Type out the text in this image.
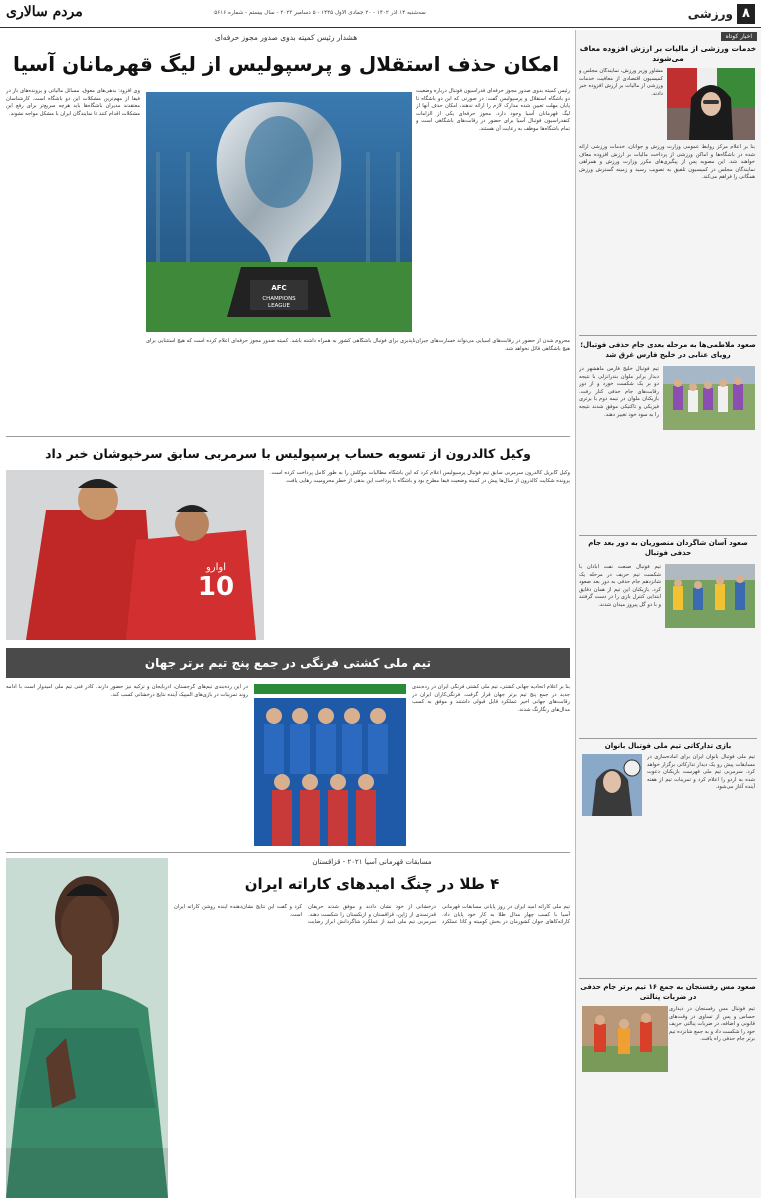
۸
ورزشی
سه‌شنبه ۱۴ آذر ۱۴۰۲ - ۲۰ جمادی الاول ۱۴۴۵ - ۵ دسامبر ۲۰۲۳ - سال بیستم - شماره ۵۶۱۶
مردم سالاری
اخبار کوتاه
خدمات ورزشی از مالیات بر ارزش افزوده معاف می‌شوند
مشاور وزیر ورزش، نمایندگان مجلس و کمیسیون اقتصادی از معافیت خدمات ورزشی از مالیات بر ارزش افزوده خبر دادند.
بنا بر اعلام مرکز روابط عمومی وزارت ورزش و جوانان، خدمات ورزشی ارائه شده در باشگاه‌ها و اماکن ورزشی از پرداخت مالیات بر ارزش افزوده معاف خواهند شد. این مصوبه پس از پیگیری‌های مکرر وزارت ورزش و همراهی نمایندگان مجلس در کمیسیون تلفیق به تصویب رسید و زمینه گسترش ورزش همگانی را فراهم می‌کند.
صعود ملاطمی‌ها به مرحله بعدی جام حذفی فوتبال؛ رویای عنابی در خلیج فارس غرق شد
تیم فوتبال خلیج فارس ماهشهر در دیدار برابر ملوان بندرانزلی با نتیجه دو بر یک شکست خورد و از دور رقابت‌های جام حذفی کنار رفت. بازیکنان ملوان در نیمه دوم با برتری فیزیکی و تاکتیکی موفق شدند نتیجه را به سود خود تغییر دهند.
صعود آسان شاگردان منصوریان به دور بعد جام حذفی فوتبال
تیم فوتبال صنعت نفت آبادان با شکست تیم حریف در مرحله یک شانزدهم جام حذفی به دور بعد صعود کرد. بازیکنان این تیم از همان دقایق ابتدایی کنترل بازی را در دست گرفتند و با دو گل پیروز میدان شدند.
بازی تدارکاتی تیم ملی فوتبال بانوان
تیم ملی فوتبال بانوان ایران برای آماده‌سازی در مسابقات پیش رو یک دیدار تدارکاتی برگزار خواهد کرد. سرمربی تیم ملی فهرست بازیکنان دعوت شده به اردو را اعلام کرد و تمرینات تیم از هفته آینده آغاز می‌شود.
صعود مس رفسنجان به جمع ۱۶ تیم برتر جام حذفی در ضربات پنالتی
تیم فوتبال مس رفسنجان در دیداری حساس و پس از تساوی در وقت‌های قانونی و اضافه، در ضربات پنالتی حریف خود را شکست داد و به جمع شانزده تیم برتر جام حذفی راه یافت.
هشدار رئیس کمیته بدوی صدور مجوز حرفه‌ای
امکان حذف استقلال و پرسپولیس از لیگ قهرمانان آسیا
رئیس کمیته بدوی صدور مجوز حرفه‌ای فدراسیون فوتبال درباره وضعیت دو باشگاه استقلال و پرسپولیس گفت: در صورتی که این دو باشگاه تا پایان مهلت تعیین شده مدارک لازم را ارائه ندهند، امکان حذف آنها از لیگ قهرمانان آسیا وجود دارد. مجوز حرفه‌ای یکی از الزامات کنفدراسیون فوتبال آسیا برای حضور در رقابت‌های باشگاهی است و تمام باشگاه‌ها موظف به رعایت آن هستند.
AFC
CHAMPIONS
LEAGUE
وی افزود: بدهی‌های معوق، مسائل مالیاتی و پرونده‌های باز در فیفا از مهم‌ترین مشکلات این دو باشگاه است. کارشناسان معتقدند مدیران باشگاه‌ها باید هرچه سریع‌تر برای رفع این مشکلات اقدام کنند تا نمایندگان ایران با مشکل مواجه نشوند.
محروم شدن از حضور در رقابت‌های آسیایی می‌تواند خسارت‌های جبران‌ناپذیری برای فوتبال باشگاهی کشور به همراه داشته باشد. کمیته صدور مجوز حرفه‌ای اعلام کرده است که هیچ استثنایی برای هیچ باشگاهی قائل نخواهد شد.
وکیل کالدرون از تسویه حساب پرسپولیس با سرمربی سابق سرخپوشان خبر داد
وکیل گابریل کالدرون سرمربی سابق تیم فوتبال پرسپولیس اعلام کرد که این باشگاه مطالبات موکلش را به طور کامل پرداخت کرده است. پرونده شکایت کالدرون از سال‌ها پیش در کمیته وضعیت فیفا مطرح بود و باشگاه با پرداخت این بدهی از خطر محرومیت رهایی یافت.
10
اوارو
تیم ملی کشتی فرنگی در جمع پنج تیم برتر جهان
بنا بر اعلام اتحادیه جهانی کشتی، تیم ملی کشتی فرنگی ایران در رده‌بندی جدید در جمع پنج تیم برتر جهان قرار گرفت. فرنگی‌کاران ایران در رقابت‌های جهانی اخیر عملکرد قابل قبولی داشتند و موفق به کسب مدال‌های رنگارنگ شدند.
در این رده‌بندی تیم‌های گرجستان، آذربایجان و ترکیه نیز حضور دارند. کادر فنی تیم ملی امیدوار است با ادامه روند تمرینات در بازی‌های المپیک آینده نتایج درخشانی کسب کند.
مسابقات قهرمانی آسیا ۲۰۲۱ - قزاقستان
۴ طلا در چنگ امیدهای کاراته ایران
تیم ملی کاراته امید ایران در روز پایانی مسابقات قهرمانی آسیا با کسب چهار مدال طلا به کار خود پایان داد. کاراته‌کاهای جوان کشورمان در بخش کومیته و کاتا عملکرد درخشانی از خود نشان دادند و موفق شدند حریفان قدرتمندی از ژاپن، قزاقستان و ازبکستان را شکست دهند. سرمربی تیم ملی امید از عملکرد شاگردانش ابراز رضایت کرد و گفت این نتایج نشان‌دهنده آینده روشن کاراته ایران است.
